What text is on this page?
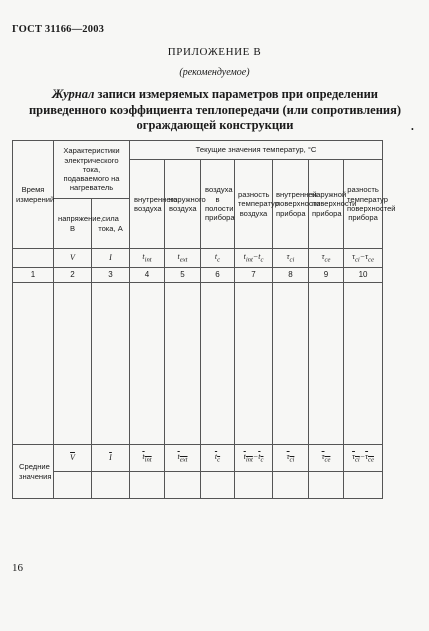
ГОСТ 31166—2003
ПРИЛОЖЕНИЕ В
(рекомендуемое)
Журнал записи измеряемых параметров при определении
приведенного коэффициента теплопередачи (или сопротивления)
ограждающей конструкции	•
Время измерений	Характеристики электрического тока, подаваемого на нагреватель		Текущие значения температур, °С						
			внутреннего воздуха	наружного воздуха	воздуха в полости прибора	разность температур воздуха	внутренней поверхности прибора	наружной поверхности прибора	разность температур поверхностей прибора
	напряжение, В	сила тока, А							
	V	I	$t_{int}$	$t_{ext}$	$t_c$	$t_{int}-t_c$	$\tau_{ci}$	$\tau_{ce}$	$\tau_{ci}-\tau_{ce}$
1	2	3	4	5	6	7	8	9	10

Средние значения	$\overline{V}$	$\overline{I}$	$t_{int}$	$t_{ext}$	$t_c$	$t_{int}-t_c$	$\tau_{ci}$	$\tau_{ce}$	$\tau_{ci}-\tau_{ce}$

16
